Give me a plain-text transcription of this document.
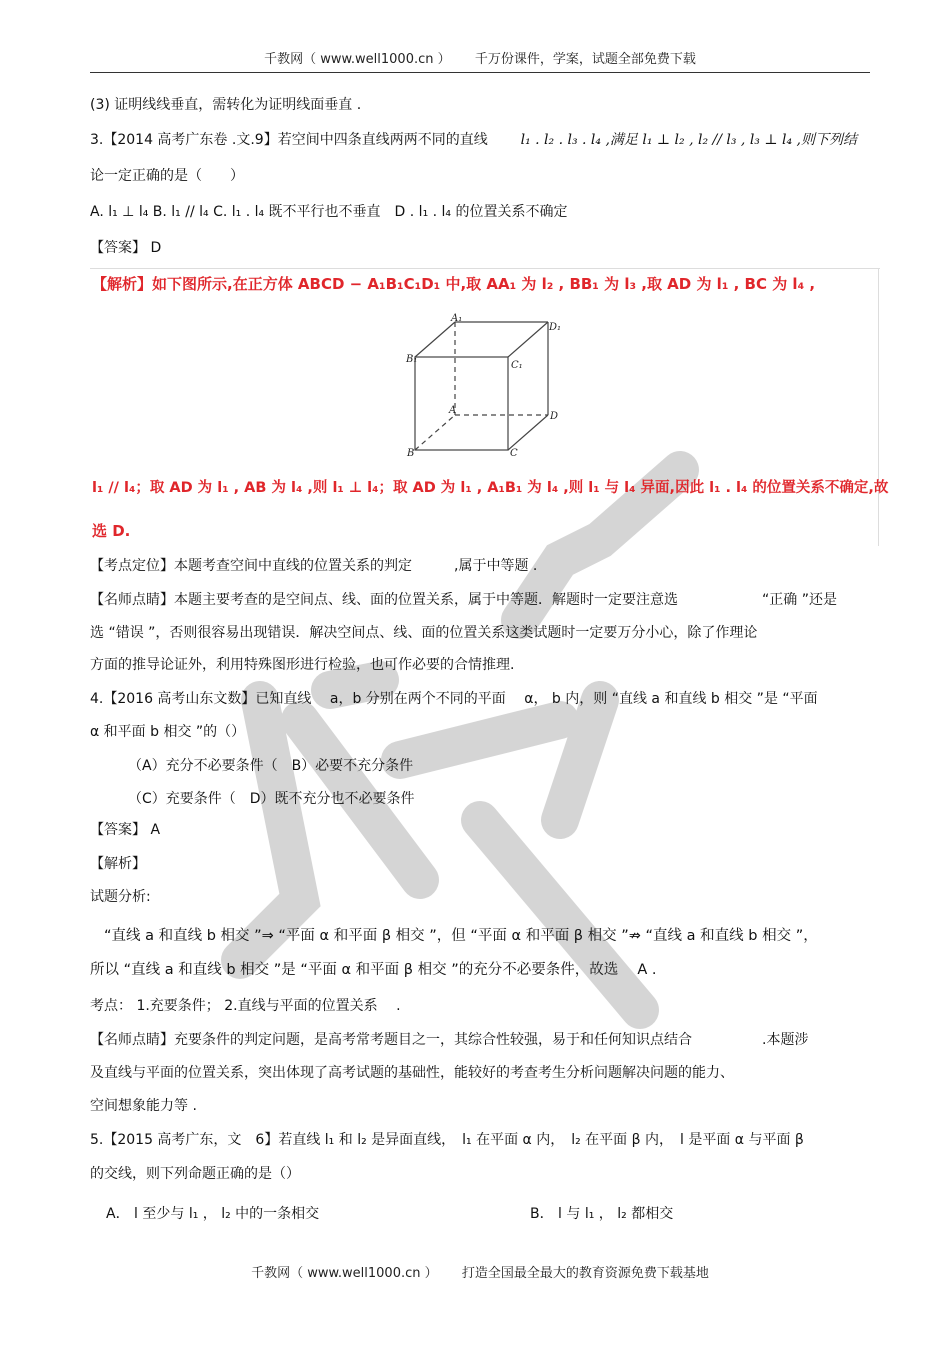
千教网（ www.well1000.cn ） 千万份课件，学案，试题全部免费下载
(3) 证明线线垂直，需转化为证明线面垂直 .
3.【2014 高考广东卷 .文.9】若空间中四条直线两两不同的直线 l₁ . l₂ . l₃ . l₄ ,满足 l₁ ⊥ l₂ , l₂ // l₃ , l₃ ⊥ l₄ ,则下列结
论一定正确的是（　　）
A. l₁ ⊥ l₄ B. l₁ // l₄ C. l₁ . l₄ 既不平行也不垂直　D . l₁ . l₄ 的位置关系不确定
【答案】 D
【解析】如下图所示,在正方体 ABCD − A₁B₁C₁D₁ 中,取 AA₁ 为 l₂ , BB₁ 为 l₃ ,取 AD 为 l₁ , BC 为 l₄ ,
A₁
D₁
B₁
C₁
A
D
B	C
l₁ // l₄；取 AD 为 l₁ , AB 为 l₄ ,则 l₁ ⊥ l₄；取 AD 为 l₁ , A₁B₁ 为 l₄ ,则 l₁ 与 l₄ 异面,因此 l₁ . l₄ 的位置关系不确定,故
选 D.
【考点定位】本题考查空间中直线的位置关系的判定　　　,属于中等题 .
【名师点睛】本题主要考查的是空间点、线、面的位置关系，属于中等题．解题时一定要注意选　　　　　　“正确 ”还是
选 “错误 ”，否则很容易出现错误．解决空间点、线、面的位置关系这类试题时一定要万分小心，除了作理论
方面的推导论证外，利用特殊图形进行检验，也可作必要的合情推理.
4.【2016 高考山东文数】已知直线　 a，b 分别在两个不同的平面　 α， b 内，则 “直线 a 和直线 b 相交 ”是 “平面
α 和平面 b 相交 ”的（）
（A）充分不必要条件（　B）必要不充分条件
（C）充要条件（　D）既不充分也不必要条件
【答案】 A
【解析】
试题分析:
“直线 a 和直线 b 相交 ”⇒ “平面 α 和平面 β 相交 ”，但 “平面 α 和平面 β 相交 ”⇏ “直线 a 和直线 b 相交 ”，
所以 “直线 a 和直线 b 相交 ”是 “平面 α 和平面 β 相交 ”的充分不必要条件，故选　 A .
考点： 1.充要条件； 2.直线与平面的位置关系　 .
【名师点睛】充要条件的判定问题，是高考常考题目之一，其综合性较强，易于和任何知识点结合　　　　　.本题涉
及直线与平面的位置关系，突出体现了高考试题的基础性，能较好的考查考生分析问题解决问题的能力、
空间想象能力等 .
5.【2015 高考广东，文　6】若直线 l₁ 和 l₂ 是异面直线，　l₁ 在平面 α 内，　l₂ 在平面 β 内，　l 是平面 α 与平面 β
的交线，则下列命题正确的是（）
A． l 至少与 l₁ ， l₂ 中的一条相交	B． l 与 l₁ ， l₂ 都相交
千教网（ www.well1000.cn ） 打造全国最全最大的教育资源免费下载基地
